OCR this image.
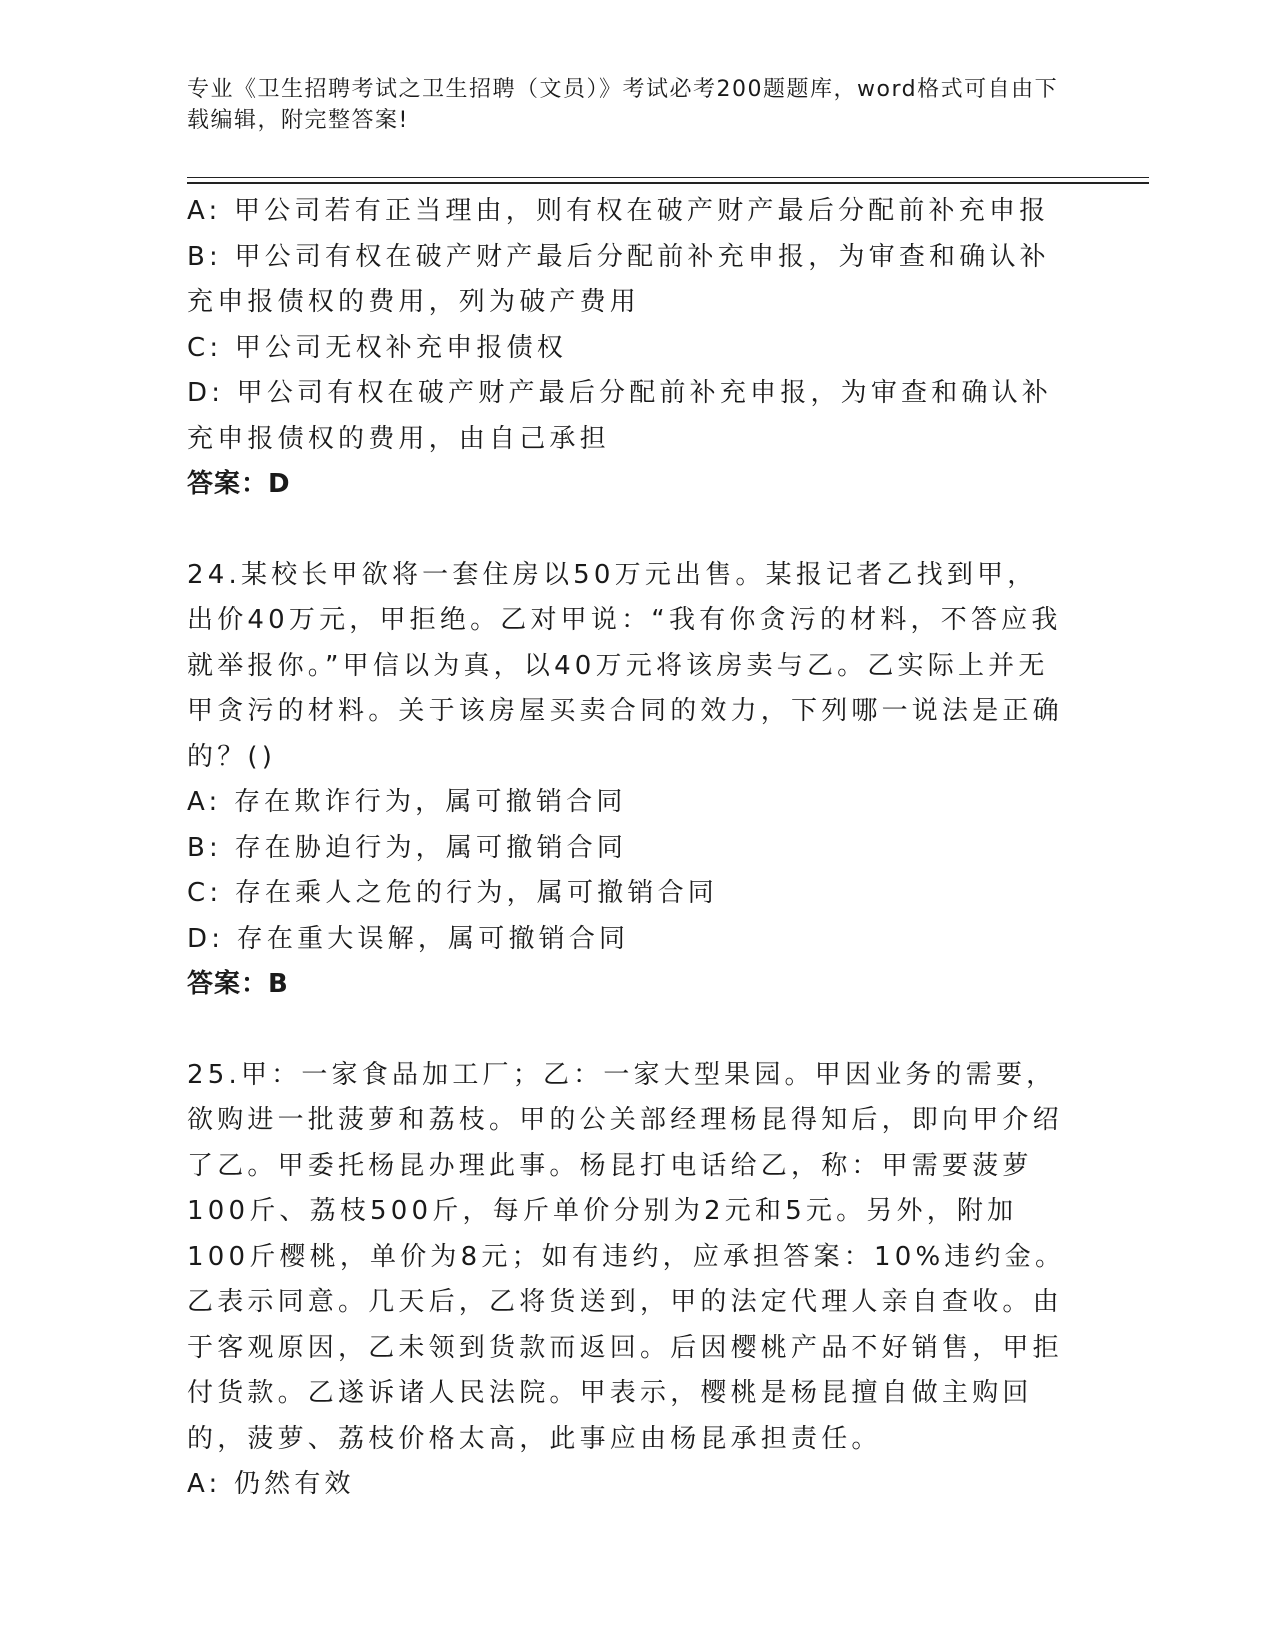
专业《卫生招聘考试之卫生招聘（文员）》考试必考200题题库，word格式可自由下载编辑，附完整答案!

A: 甲公司若有正当理由，则有权在破产财产最后分配前补充申报

B: 甲公司有权在破产财产最后分配前补充申报，为审查和确认补充申报债权的费用，列为破产费用

C: 甲公司无权补充申报债权

D: 甲公司有权在破产财产最后分配前补充申报，为审查和确认补充申报债权的费用，由自己承担

答案：D

24.某校长甲欲将一套住房以50万元出售。某报记者乙找到甲，出价40万元，甲拒绝。乙对甲说：“我有你贪污的材料，不答应我就举报你。”甲信以为真，以40万元将该房卖与乙。乙实际上并无甲贪污的材料。关于该房屋买卖合同的效力，下列哪一说法是正确的？()

A: 存在欺诈行为，属可撤销合同

B: 存在胁迫行为，属可撤销合同

C: 存在乘人之危的行为，属可撤销合同

D: 存在重大误解，属可撤销合同

答案：B

25.甲：一家食品加工厂；乙：一家大型果园。甲因业务的需要，欲购进一批菠萝和荔枝。甲的公关部经理杨昆得知后，即向甲介绍了乙。甲委托杨昆办理此事。杨昆打电话给乙，称：甲需要菠萝100斤、荔枝500斤，每斤单价分别为2元和5元。另外，附加100斤樱桃，单价为8元；如有违约，应承担答案：10%违约金。乙表示同意。几天后，乙将货送到，甲的法定代理人亲自查收。由于客观原因，乙未领到货款而返回。后因樱桃产品不好销售，甲拒付货款。乙遂诉诸人民法院。甲表示，樱桃是杨昆擅自做主购回的，菠萝、荔枝价格太高，此事应由杨昆承担责任。

A: 仍然有效
